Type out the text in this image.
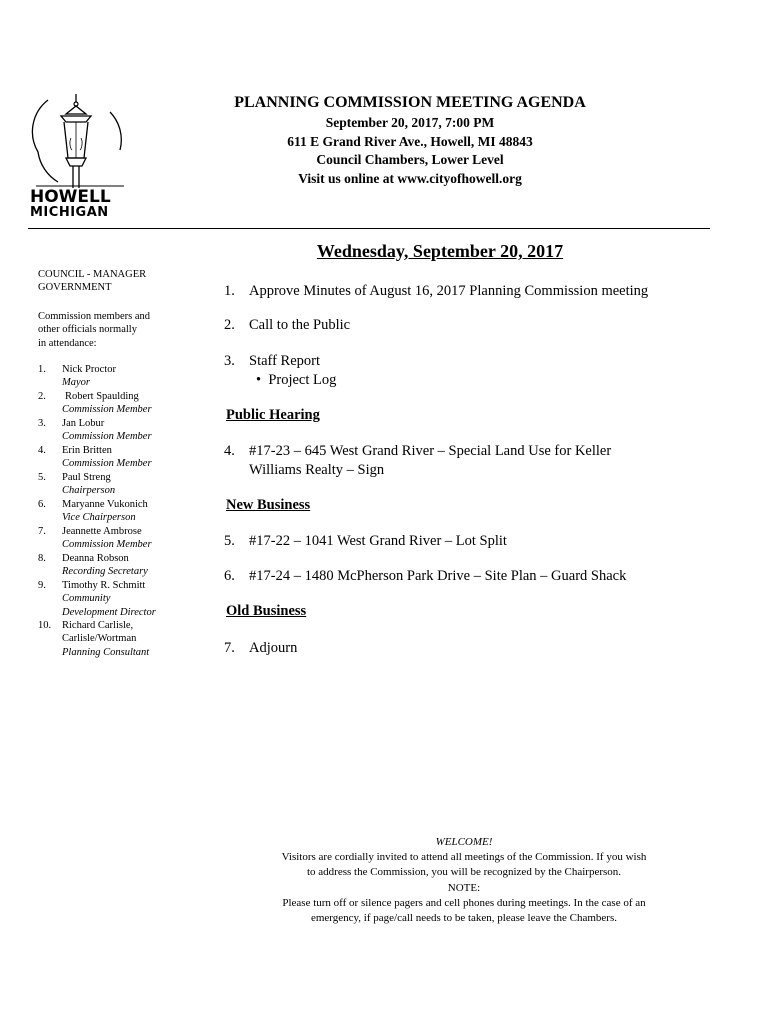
HOWELL
MICHIGAN
PLANNING COMMISSION MEETING AGENDA
September 20, 2017, 7:00 PM
611 E Grand River Ave., Howell, MI 48843
Council Chambers, Lower Level
Visit us online at www.cityofhowell.org
Wednesday, September 20, 2017
COUNCIL - MANAGER
GOVERNMENT
Commission members and
other officials normally
in attendance:
1.	Nick Proctor
Mayor
2.	Robert Spaulding
Commission Member
3.	Jan Lobur
Commission Member
4.	Erin Britten
Commission Member
5.	Paul Streng
Chairperson
6.	Maryanne Vukonich
Vice Chairperson
7.	Jeannette Ambrose
Commission Member
8.	Deanna Robson
Recording Secretary
9.	Timothy R. Schmitt
Community
Development Director
10.	Richard Carlisle,
Carlisle/Wortman
Planning Consultant
1. Approve Minutes of August 16, 2017 Planning Commission meeting
2. Call to the Public
3. Staff Report
• Project Log
Public Hearing
4. #17-23 – 645 West Grand River – Special Land Use for Keller
Williams Realty – Sign
New Business
5. #17-22 – 1041 West Grand River – Lot Split
6. #17-24 – 1480 McPherson Park Drive – Site Plan – Guard Shack
Old Business
7. Adjourn
WELCOME!
Visitors are cordially invited to attend all meetings of the Commission. If you wish
to address the Commission, you will be recognized by the Chairperson.
NOTE:
Please turn off or silence pagers and cell phones during meetings. In the case of an
emergency, if page/call needs to be taken, please leave the Chambers.
